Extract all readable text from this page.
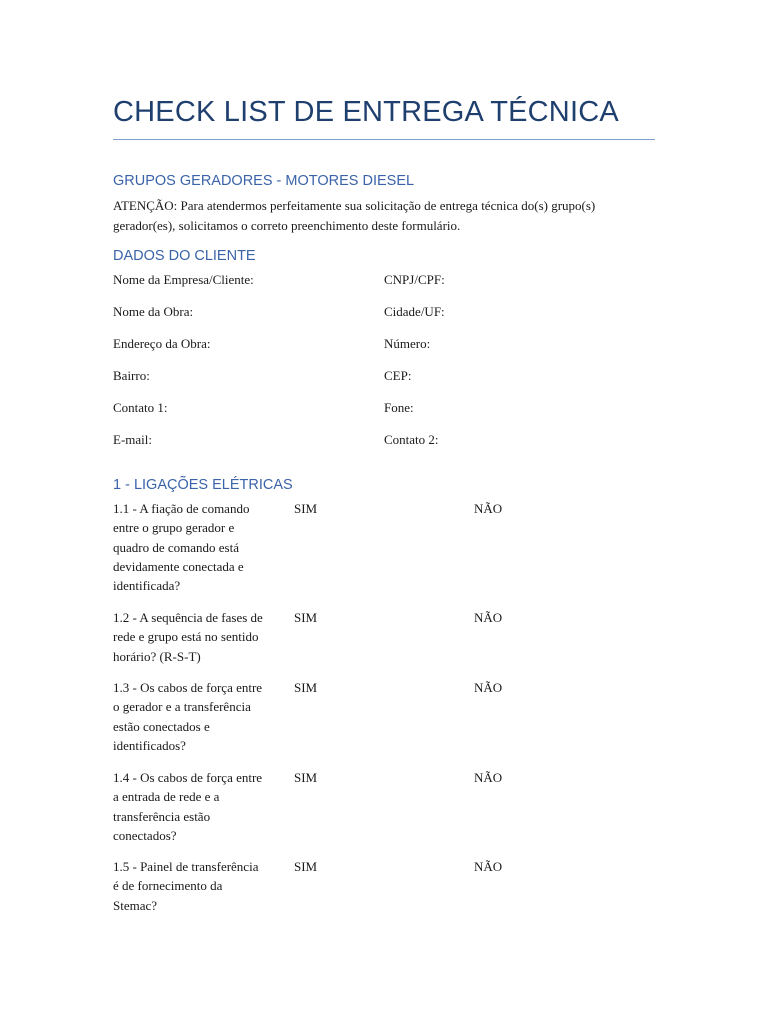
CHECK LIST DE ENTREGA TÉCNICA
GRUPOS GERADORES - MOTORES DIESEL
ATENÇÃO: Para atendermos perfeitamente sua solicitação de entrega técnica do(s) grupo(s)
gerador(es), solicitamos o correto preenchimento deste formulário.
DADOS DO CLIENTE
Nome da Empresa/Cliente:	CNPJ/CPF:
Nome da Obra:	Cidade/UF:
Endereço da Obra:	Número:
Bairro:	CEP:
Contato 1:	Fone:
E-mail:	Contato 2:
1 - LIGAÇÕES ELÉTRICAS
1.1 - A fiação de comando
entre o grupo gerador e
quadro de comando está
devidamente conectada e
identificada?
SIM	NÃO
1.2 - A sequência de fases de
rede e grupo está no sentido
horário? (R-S-T)
SIM	NÃO
1.3 - Os cabos de força entre
o gerador e a transferência
estão conectados e
identificados?
SIM	NÃO
1.4 - Os cabos de força entre
a entrada de rede e a
transferência estão
conectados?
SIM	NÃO
1.5 - Painel de transferência
é de fornecimento da
Stemac?
SIM	NÃO
